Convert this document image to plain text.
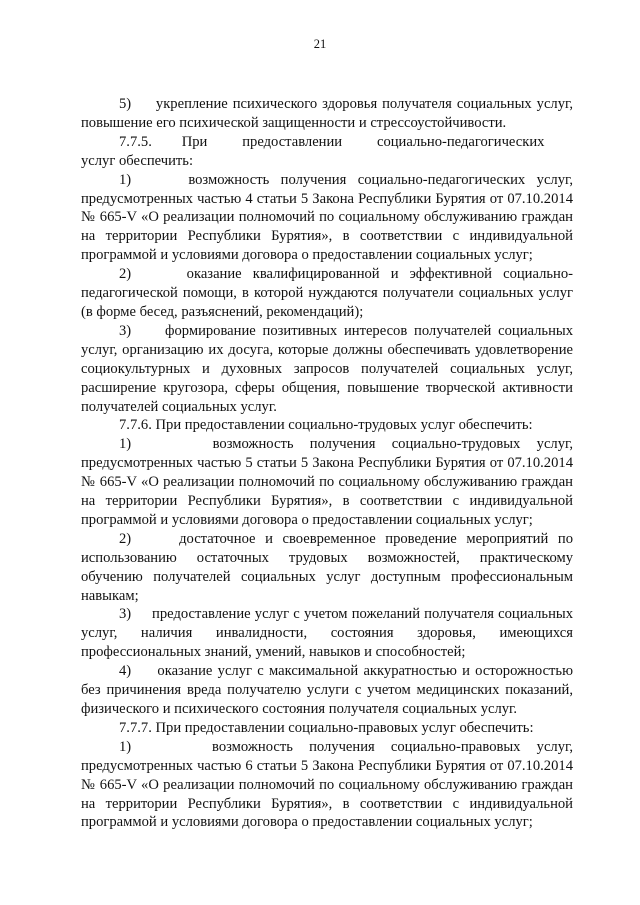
21

5)     укрепление психического здоровья получателя социальных услуг, повышение его психической защищенности и стрессоустойчивости.

7.7.5.      При       предоставлении       социально-педагогических       услуг обеспечить:

1)     возможность получения социально-педагогических услуг, предусмотренных частью 4 статьи 5 Закона Республики Бурятия от 07.10.2014 № 665-V «О реализации полномочий по социальному обслуживанию граждан на территории Республики Бурятия», в соответствии с индивидуальной программой и условиями договора о предоставлении социальных услуг;

2)     оказание квалифицированной и эффективной социально-педагогической помощи, в которой нуждаются получатели социальных услуг (в форме бесед, разъяснений, рекомендаций);

3)     формирование позитивных интересов получателей социальных услуг, организацию их досуга, которые должны обеспечивать удовлетворение социокультурных и духовных запросов получателей социальных услуг, расширение кругозора, сферы общения, повышение творческой активности получателей социальных услуг.

7.7.6. При предоставлении социально-трудовых услуг обеспечить:

1)     возможность получения социально-трудовых услуг, предусмотренных частью 5 статьи 5 Закона Республики Бурятия от 07.10.2014 № 665-V «О реализации полномочий по социальному обслуживанию граждан на территории Республики Бурятия», в соответствии с индивидуальной программой и условиями договора о предоставлении социальных услуг;

2)     достаточное и своевременное проведение мероприятий по использованию остаточных трудовых возможностей, практическому обучению получателей социальных услуг доступным профессиональным навыкам;

3)     предоставление услуг с учетом пожеланий получателя социальных услуг, наличия инвалидности, состояния здоровья, имеющихся профессиональных знаний, умений, навыков и способностей;

4)     оказание услуг с максимальной аккуратностью и осторожностью без причинения вреда получателю услуги с учетом медицинских показаний, физического и психического состояния получателя социальных услуг.

7.7.7. При предоставлении социально-правовых услуг обеспечить:

1)     возможность получения социально-правовых услуг, предусмотренных частью 6 статьи 5 Закона Республики Бурятия от 07.10.2014 № 665-V «О реализации полномочий по социальному обслуживанию граждан на территории Республики Бурятия», в соответствии с индивидуальной программой и условиями договора о предоставлении социальных услуг;
